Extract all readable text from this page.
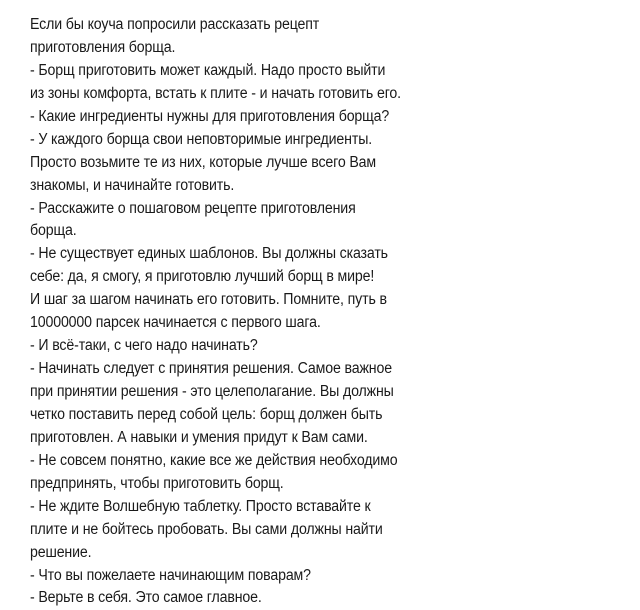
Если бы коуча попросили рассказать рецепт
приготовления борща.
- Борщ приготовить может каждый. Надо просто выйти
из зоны комфорта, встать к плите - и начать готовить его.
- Какие ингредиенты нужны для приготовления борща?
- У каждого борща свои неповторимые ингредиенты.
Просто возьмите те из них, которые лучше всего Вам
знакомы, и начинайте готовить.
- Расскажите о пошаговом рецепте приготовления
борща.
- Не существует единых шаблонов. Вы должны сказать
себе: да, я смогу, я приготовлю лучший борщ в мире!
И шаг за шагом начинать его готовить. Помните, путь в
10000000 парсек начинается с первого шага.
- И всё-таки, с чего надо начинать?
- Начинать следует с принятия решения. Самое важное
при принятии решения - это целеполагание. Вы должны
четко поставить перед собой цель: борщ должен быть
приготовлен. А навыки и умения придут к Вам сами.
- Не совсем понятно, какие все же действия необходимо
предпринять, чтобы приготовить борщ.
- Не ждите Волшебную таблетку. Просто вставайте к
плите и не бойтесь пробовать. Вы сами должны найти
решение.
- Что вы пожелаете начинающим поварам?
- Верьте в себя. Это самое главное.
